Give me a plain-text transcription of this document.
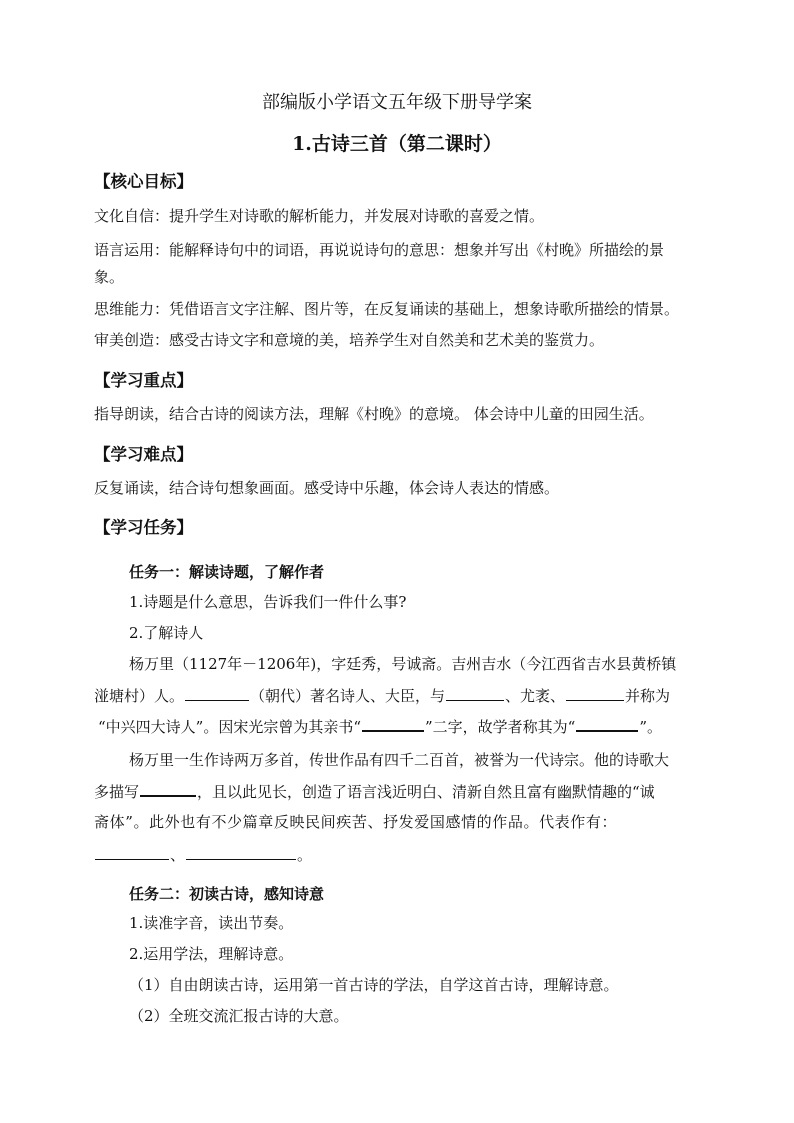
部编版小学语文五年级下册导学案
1.古诗三首（第二课时）
【核心目标】
文化自信：提升学生对诗歌的解析能力，并发展对诗歌的喜爱之情。
语言运用：能解释诗句中的词语，再说说诗句的意思：想象并写出《村晚》所描绘的景
象。
思维能力：凭借语言文字注解、图片等，在反复诵读的基础上，想象诗歌所描绘的情景。
审美创造：感受古诗文字和意境的美，培养学生对自然美和艺术美的鉴赏力。
【学习重点】
指导朗读，结合古诗的阅读方法，理解《村晚》的意境。 体会诗中儿童的田园生活。
【学习难点】
反复诵读，结合诗句想象画面。感受诗中乐趣，体会诗人表达的情感。
【学习任务】
任务一：解读诗题，了解作者
1.诗题是什么意思，告诉我们一件什么事?
2.了解诗人
杨万里（1127年－1206年)，字廷秀，号诚斋。吉州吉水（今江西省吉水县黄桥镇
湴塘村）人。	（朝代）著名诗人、大臣，与	、尤袤、	并称为
“中兴四大诗人”。因宋光宗曾为其亲书“	”二字，故学者称其为“	”。
杨万里一生作诗两万多首，传世作品有四千二百首，被誉为一代诗宗。他的诗歌大
多描写	，且以此见长，创造了语言浅近明白、清新自然且富有幽默情趣的“诚
斋体”。此外也有不少篇章反映民间疾苦、抒发爱国感情的作品。代表作有：
、	。
任务二：初读古诗，感知诗意
1.读准字音，读出节奏。
2.运用学法，理解诗意。
（1）自由朗读古诗，运用第一首古诗的学法，自学这首古诗，理解诗意。
（2）全班交流汇报古诗的大意。
